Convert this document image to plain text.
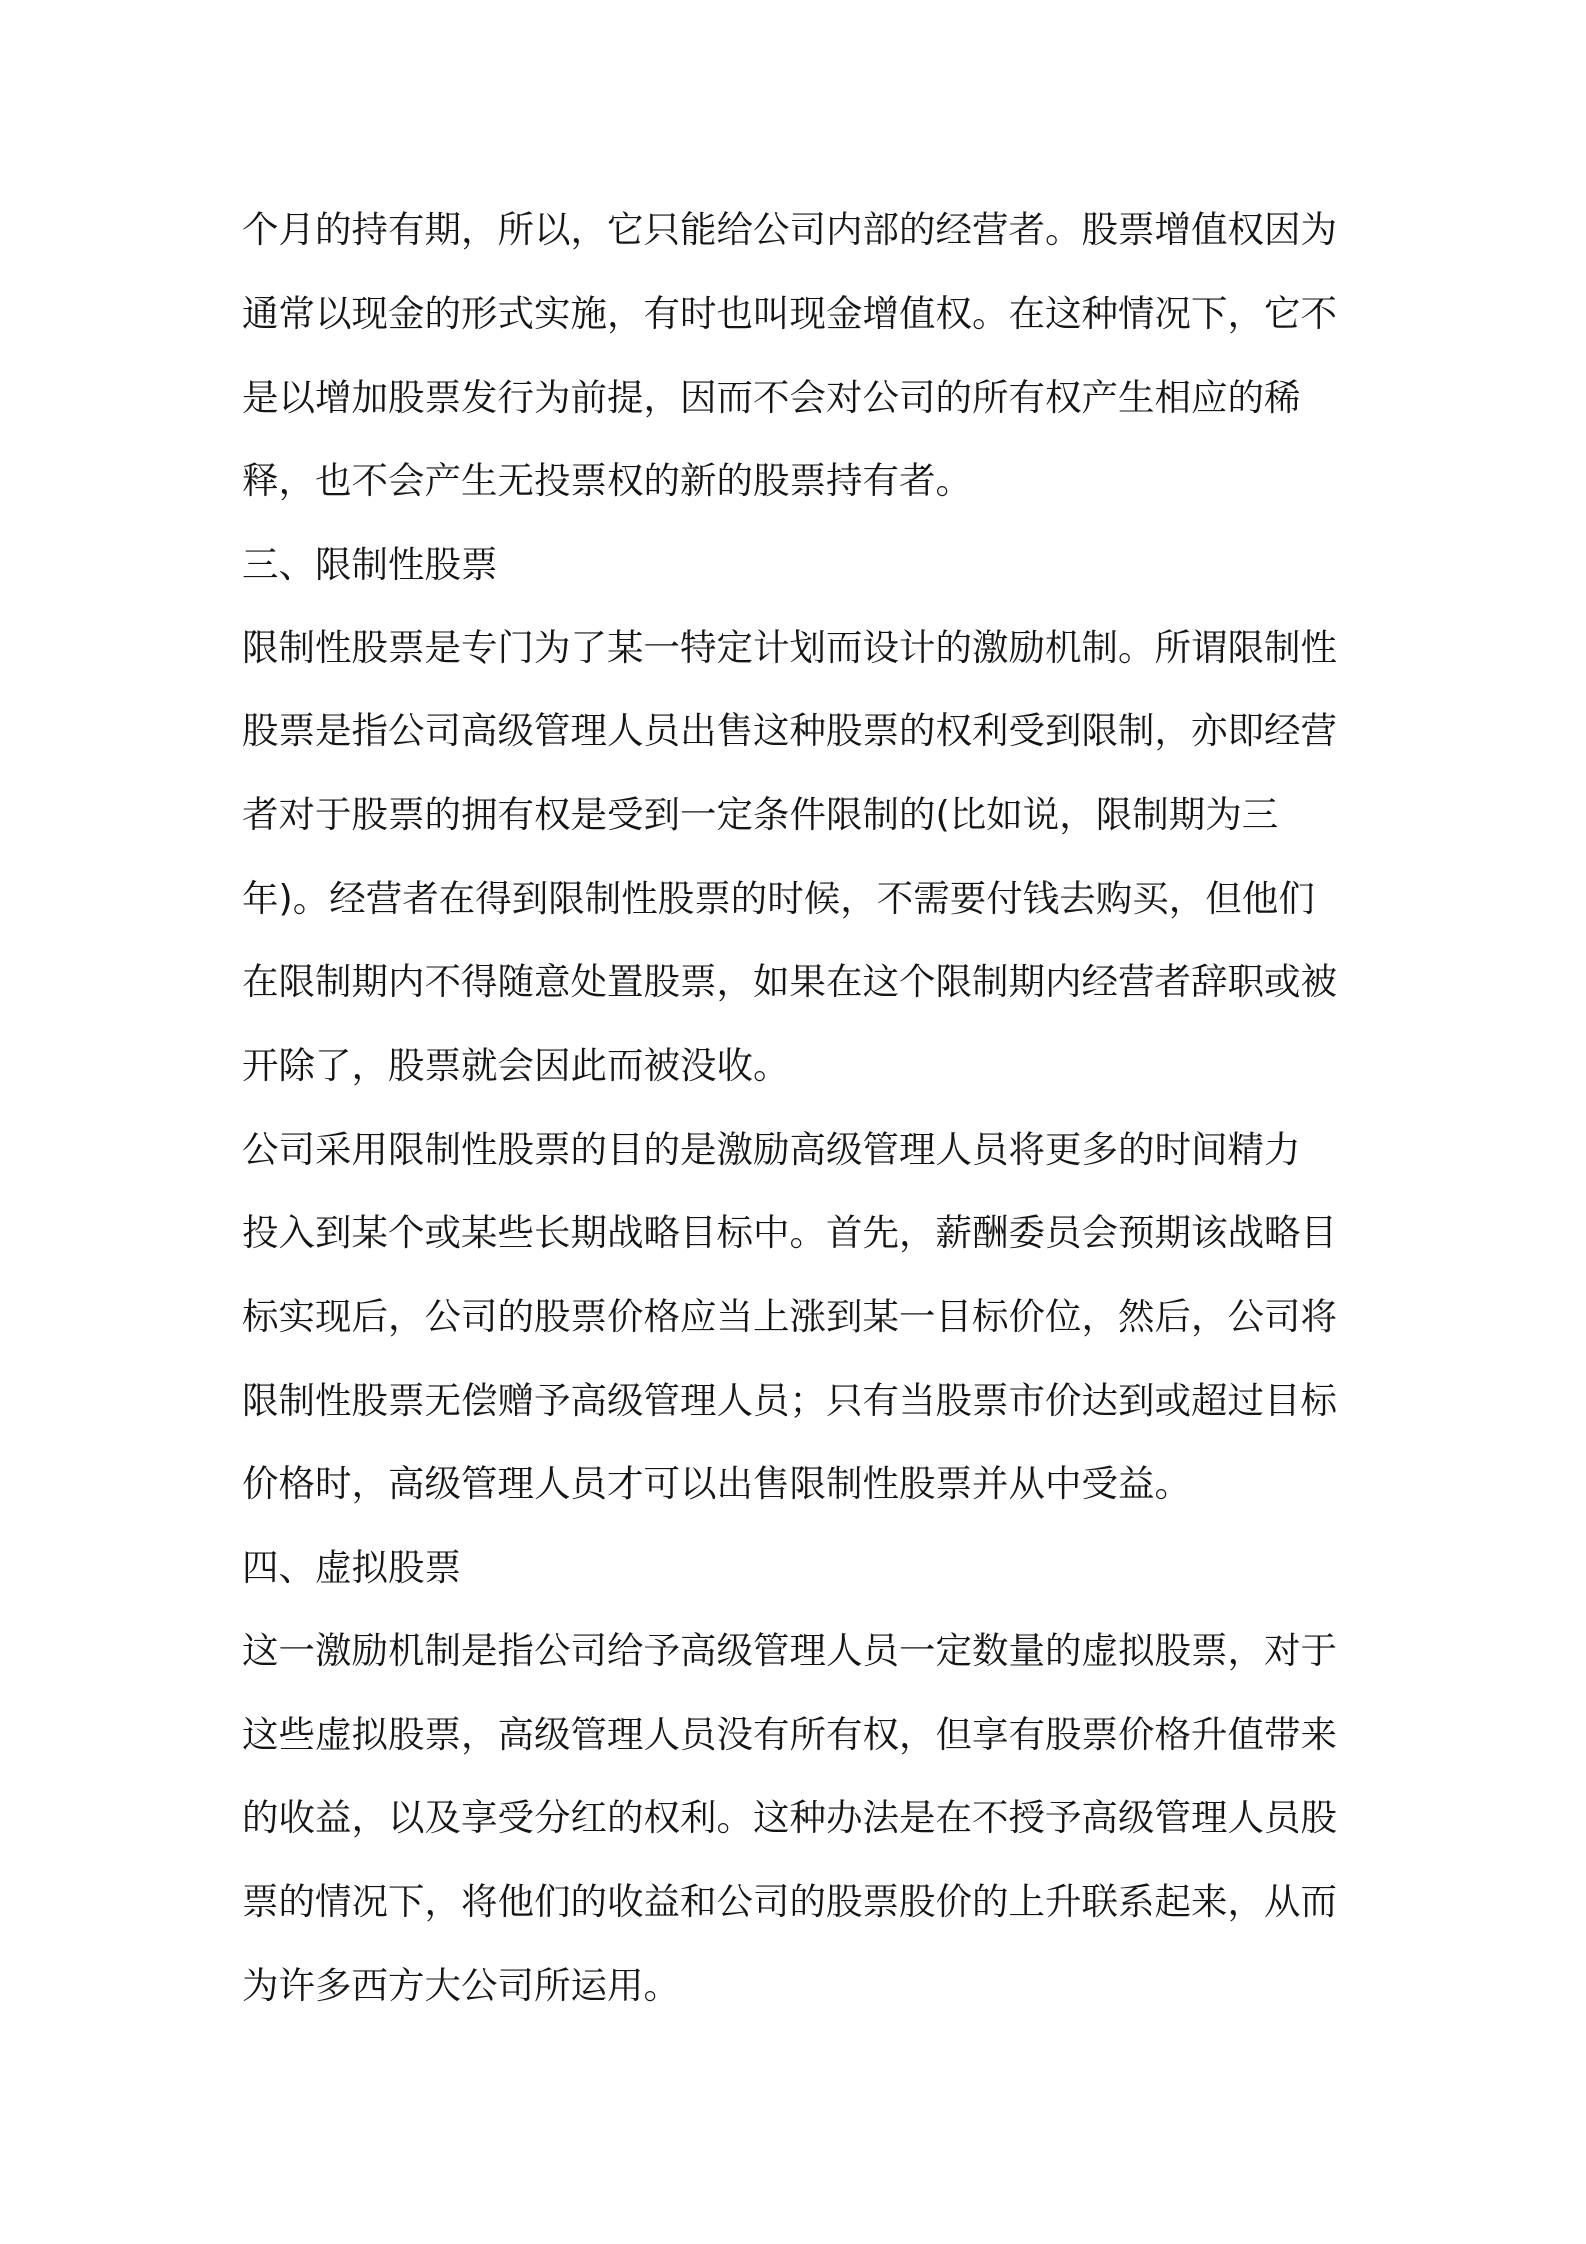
个月的持有期，所以，它只能给公司内部的经营者。股票增值权因为
通常以现金的形式实施，有时也叫现金增值权。在这种情况下，它不
是以增加股票发行为前提，因而不会对公司的所有权产生相应的稀
释，也不会产生无投票权的新的股票持有者。
三、限制性股票
限制性股票是专门为了某一特定计划而设计的激励机制。所谓限制性
股票是指公司高级管理人员出售这种股票的权利受到限制，亦即经营
者对于股票的拥有权是受到一定条件限制的(比如说，限制期为三
年)。经营者在得到限制性股票的时候，不需要付钱去购买，但他们
在限制期内不得随意处置股票，如果在这个限制期内经营者辞职或被
开除了，股票就会因此而被没收。
公司采用限制性股票的目的是激励高级管理人员将更多的时间精力
投入到某个或某些长期战略目标中。首先，薪酬委员会预期该战略目
标实现后，公司的股票价格应当上涨到某一目标价位，然后，公司将
限制性股票无偿赠予高级管理人员；只有当股票市价达到或超过目标
价格时，高级管理人员才可以出售限制性股票并从中受益。
四、虚拟股票
这一激励机制是指公司给予高级管理人员一定数量的虚拟股票，对于
这些虚拟股票，高级管理人员没有所有权，但享有股票价格升值带来
的收益，以及享受分红的权利。这种办法是在不授予高级管理人员股
票的情况下，将他们的收益和公司的股票股价的上升联系起来，从而
为许多西方大公司所运用。
